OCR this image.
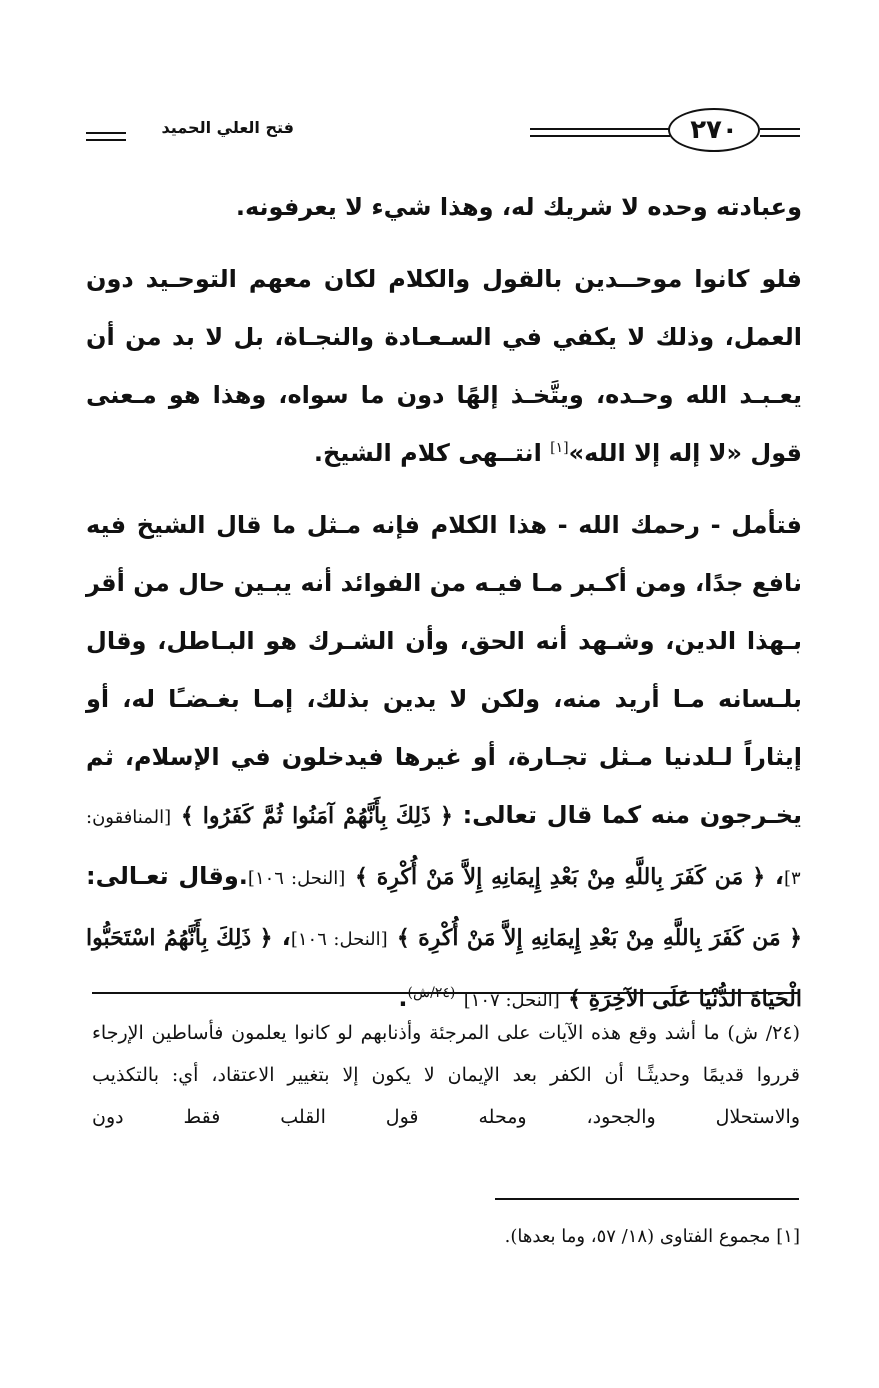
فتح العلي الحميد	٢٧٠

وعبادته وحده لا شريك له، وهذا شيء لا يعرفونه.

فلو كانوا موحــدين بالقول والكلام لكان معهم التوحـيد دون العمل، وذلك لا يكفي في السـعـادة والنجـاة، بل لا بد من أن يعـبـد الله وحـده، ويتَّخـذ إلهًا دون ما سواه، وهذا هو مـعنى قول «لا إله إلا الله»[١] انتــهى كلام الشيخ.

فتأمل - رحمك الله - هذا الكلام فإنه مـثل ما قال الشيخ فيه نافع جدًا، ومن أكـبر مـا فيـه من الفوائد أنه يبـين حال من أقر بـهذا الدين، وشـهد أنه الحق، وأن الشـرك هو البـاطل، وقال بلـسانه مـا أريد منه، ولكن لا يدين بذلك، إمـا بغـضـًا له، أو إيثاراً لـلدنيا مـثل تجـارة، أو غيرها فيدخلون في الإسلام، ثم يخـرجون منه كما قال تعالى: ﴿ ذَلِكَ بِأَنَّهُمْ آمَنُوا ثُمَّ كَفَرُوا ﴾ [المنافقون: ٣]، ﴿ مَن كَفَرَ بِاللَّهِ مِنْ بَعْدِ إِيمَانِهِ إِلاَّ مَنْ أُكْرِهَ ﴾ [النحل: ١٠٦].وقال تعـالى: ﴿ مَن كَفَرَ بِاللَّهِ مِنْ بَعْدِ إِيمَانِهِ إِلاَّ مَنْ أُكْرِهَ ﴾ [النحل: ١٠٦]، ﴿ ذَلِكَ بِأَنَّهُمُ اسْتَحَبُّوا الْحَيَاةَ الدُّنْيَا عَلَى الآخِرَةِ ﴾ [النحل: ١٠٧] $^{(٢٤/ش)}$.

(٢٤/ ش) ما أشد وقع هذه الآيات على المرجئة وأذنابهم لو كانوا يعلمون فأساطين الإرجاء قرروا قديمًا وحديثًـا أن الكفر بعد الإيمان لا يكون إلا بتغيير الاعتقاد، أي: بالتكذيب والاستحلال والجحود، ومحله قول القلب فقط دون

[١] مجموع الفتاوى (١٨/ ٥٧، وما بعدها).
